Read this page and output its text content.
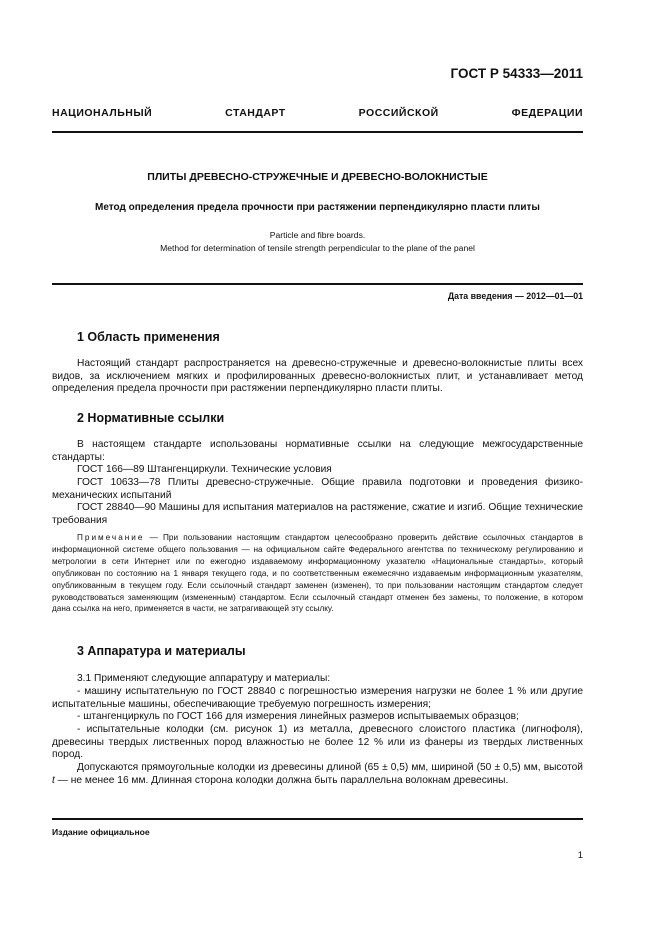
ГОСТ Р 54333—2011
НАЦИОНАЛЬНЫЙ СТАНДАРТ РОССИЙСКОЙ ФЕДЕРАЦИИ
ПЛИТЫ ДРЕВЕСНО-СТРУЖЕЧНЫЕ И ДРЕВЕСНО-ВОЛОКНИСТЫЕ
Метод определения предела прочности при растяжении перпендикулярно пласти плиты
Particle and fibre boards.
Method for determination of tensile strength perpendicular to the plane of the panel
Дата введения — 2012—01—01
1 Область применения

Настоящий стандарт распространяется на древесно-стружечные и древесно-волокнистые плиты всех видов, за исключением мягких и профилированных древесно-волокнистых плит, и устанавливает метод определения предела прочности при растяжении перпендикулярно пласти плиты.

2 Нормативные ссылки

В настоящем стандарте использованы нормативные ссылки на следующие межгосударственные стандарты:

ГОСТ 166—89 Штангенциркули. Технические условия

ГОСТ 10633—78 Плиты древесно-стружечные. Общие правила подготовки и проведения физико-механических испытаний

ГОСТ 28840—90 Машины для испытания материалов на растяжение, сжатие и изгиб. Общие технические требования

Примечание — При пользовании настоящим стандартом целесообразно проверить действие ссылочных стандартов в информационной системе общего пользования — на официальном сайте Федерального агентства по техническому регулированию и метрологии в сети Интернет или по ежегодно издаваемому информационному указателю «Национальные стандарты», который опубликован по состоянию на 1 января текущего года, и по соответственным ежемесячно издаваемым информационным указателям, опубликованным в текущем году. Если ссылочный стандарт заменен (изменен), то при пользовании настоящим стандартом следует руководствоваться заменяющим (измененным) стандартом. Если ссылочный стандарт отменен без замены, то положение, в котором дана ссылка на него, применяется в части, не затрагивающей эту ссылку.

3 Аппаратура и материалы

3.1 Применяют следующие аппаратуру и материалы:

- машину испытательную по ГОСТ 28840 с погрешностью измерения нагрузки не более 1 % или другие испытательные машины, обеспечивающие требуемую погрешность измерения;

- штангенциркуль по ГОСТ 166 для измерения линейных размеров испытываемых образцов;

- испытательные колодки (см. рисунок 1) из металла, древесного слоистого пластика (лигнофоля), древесины твердых лиственных пород влажностью не более 12 % или из фанеры из твердых лиственных пород.

Допускаются прямоугольные колодки из древесины длиной (65 ± 0,5) мм, шириной (50 ± 0,5) мм, высотой t — не менее 16 мм. Длинная сторона колодки должна быть параллельна волокнам древесины.

Издание официальное
1
